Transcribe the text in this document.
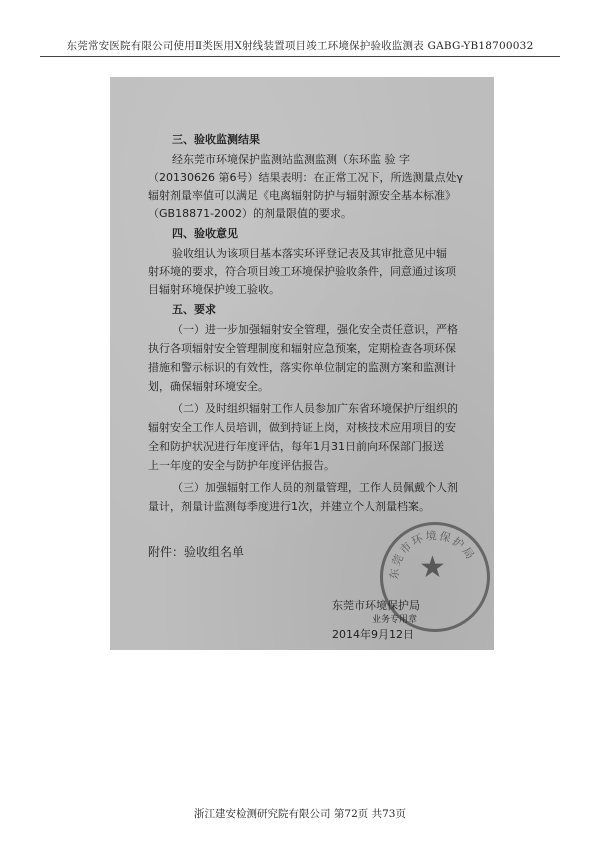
东莞常安医院有限公司使用Ⅱ类医用X射线装置项目竣工环境保护验收监测表 GABG-YB18700032
三、验收监测结果
经东莞市环境保护监测站监测监测（东环监 验 字
（20130626 第6号）结果表明：在正常工况下，所选测量点处γ
辐射剂量率值可以满足《电离辐射防护与辐射源安全基本标准》
（GB18871-2002）的剂量限值的要求。
四、验收意见
验收组认为该项目基本落实环评登记表及其审批意见中辐
射环境的要求，符合项目竣工环境保护验收条件，同意通过该项
目辐射环境保护竣工验收。
五、要求
（一）进一步加强辐射安全管理，强化安全责任意识，严格
执行各项辐射安全管理制度和辐射应急预案，定期检查各项环保
措施和警示标识的有效性，落实你单位制定的监测方案和监测计
划，确保辐射环境安全。
（二）及时组织辐射工作人员参加广东省环境保护厅组织的
辐射安全工作人员培训，做到持证上岗，对核技术应用项目的安
全和防护状况进行年度评估，每年1月31日前向环保部门报送
上一年度的安全与防护年度评估报告。
（三）加强辐射工作人员的剂量管理，工作人员佩戴个人剂
量计，剂量计监测每季度进行1次，并建立个人剂量档案。
附件：验收组名单
东莞市环境保护局
★
东莞市环境保护局
业务专用章
2014年9月12日
浙江建安检测研究院有限公司 第72页 共73页
